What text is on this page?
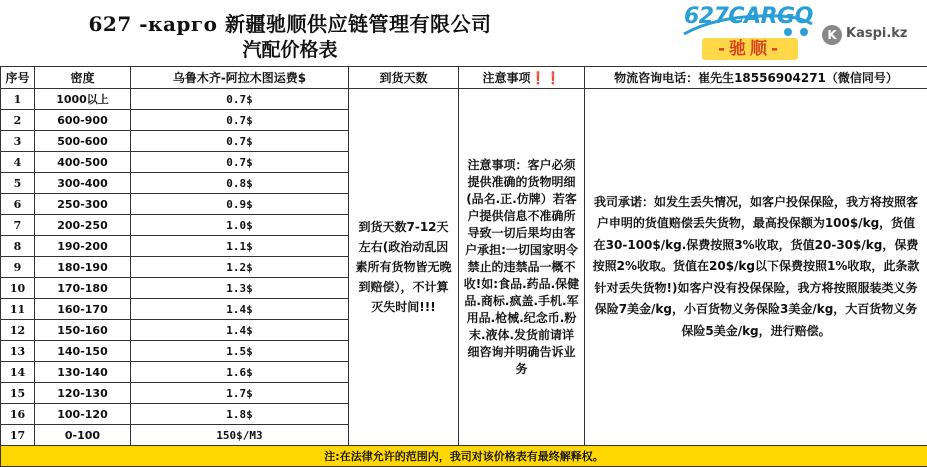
627 -карго 新疆驰顺供应链管理有限公司
汽配价格表
627CARGO
-驰顺-
K Kaspi.kz
序号	密度	乌鲁木齐-阿拉木图运费$	到货天数	注意事项❗❗	物流咨询电话：崔先生18556904271（微信同号）
1	1000以上	0.7$	到货天数7-12天左右(政治动乱因素所有货物皆无晚到赔偿），不计算灭失时间!!!	注意事项：客户必须提供准确的货物明细(品名.正.仿牌）若客户提供信息不准确所导致一切后果均由客户承担:一切国家明令禁止的违禁品一概不收!如:食品.药品.保健品.商标.疯盖.手机.军用品.枪械.纪念币.粉末.液体.发货前请详细咨询并明确告诉业务	我司承诺：如发生丢失情况，如客户投保保险，我方将按照客户申明的货值赔偿丢失货物，最高投保额为100$/kg，货值在30-100$/kg.保费按照3%收取，货值20-30$/kg，保费按照2%收取。货值在20$/kg以下保费按照1%收取，此条款针对丢失货物!)如客户没有投保保险，我方将按照服装类义务保险7美金/kg，小百货物义务保险3美金/kg，大百货物义务保险5美金/kg，进行赔偿。

2	600-900	0.7$			
3	500-600	0.7$			
4	400-500	0.7$			
5	300-400	0.8$			
6	250-300	0.9$			
7	200-250	1.0$			
8	190-200	1.1$			
9	180-190	1.2$			
10	170-180	1.3$			
11	160-170	1.4$			
12	150-160	1.4$			
13	140-150	1.5$			
14	130-140	1.6$			
15	120-130	1.7$			
16	100-120	1.8$			
17	0-100	150$/M3			
注:在法律允许的范围内，我司对该价格表有最终解释权。					
